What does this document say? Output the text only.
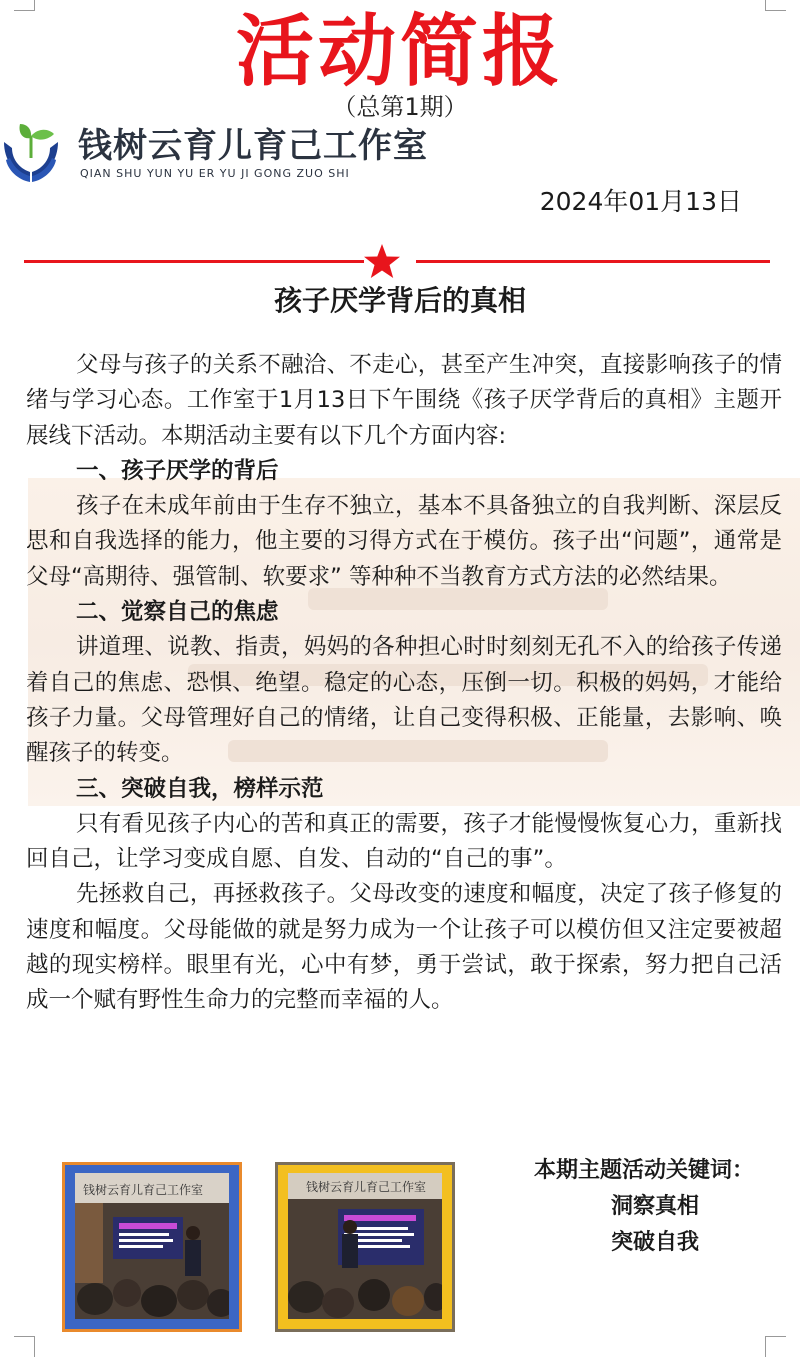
活动简报
（总第1期）
钱树云育儿育己工作室
QIAN SHU YUN YU ER YU JI GONG ZUO SHI
2024年01月13日
孩子厌学背后的真相

父母与孩子的关系不融洽、不走心，甚至产生冲突，直接影响孩子的情绪与学习心态。工作室于1月13日下午围绕《孩子厌学背后的真相》主题开展线下活动。本期活动主要有以下几个方面内容:

一、孩子厌学的背后

孩子在未成年前由于生存不独立，基本不具备独立的自我判断、深层反思和自我选择的能力，他主要的习得方式在于模仿。孩子出“问题”，通常是父母“高期待、强管制、软要求” 等种种不当教育方式方法的必然结果。

二、觉察自己的焦虑

讲道理、说教、指责，妈妈的各种担心时时刻刻无孔不入的给孩子传递着自己的焦虑、恐惧、绝望。稳定的心态，压倒一切。积极的妈妈，才能给孩子力量。父母管理好自己的情绪，让自己变得积极、正能量，去影响、唤醒孩子的转变。

三、突破自我，榜样示范

只有看见孩子内心的苦和真正的需要，孩子才能慢慢恢复心力，重新找回自己，让学习变成自愿、自发、自动的“自己的事”。

先拯救自己，再拯救孩子。父母改变的速度和幅度，决定了孩子修复的速度和幅度。父母能做的就是努力成为一个让孩子可以模仿但又注定要被超越的现实榜样。眼里有光，心中有梦，勇于尝试，敢于探索，努力把自己活成一个赋有野性生命力的完整而幸福的人。

钱树云育儿育己工作室	钱树云育儿育己工作室
本期主题活动关键词：
洞察真相
突破自我
